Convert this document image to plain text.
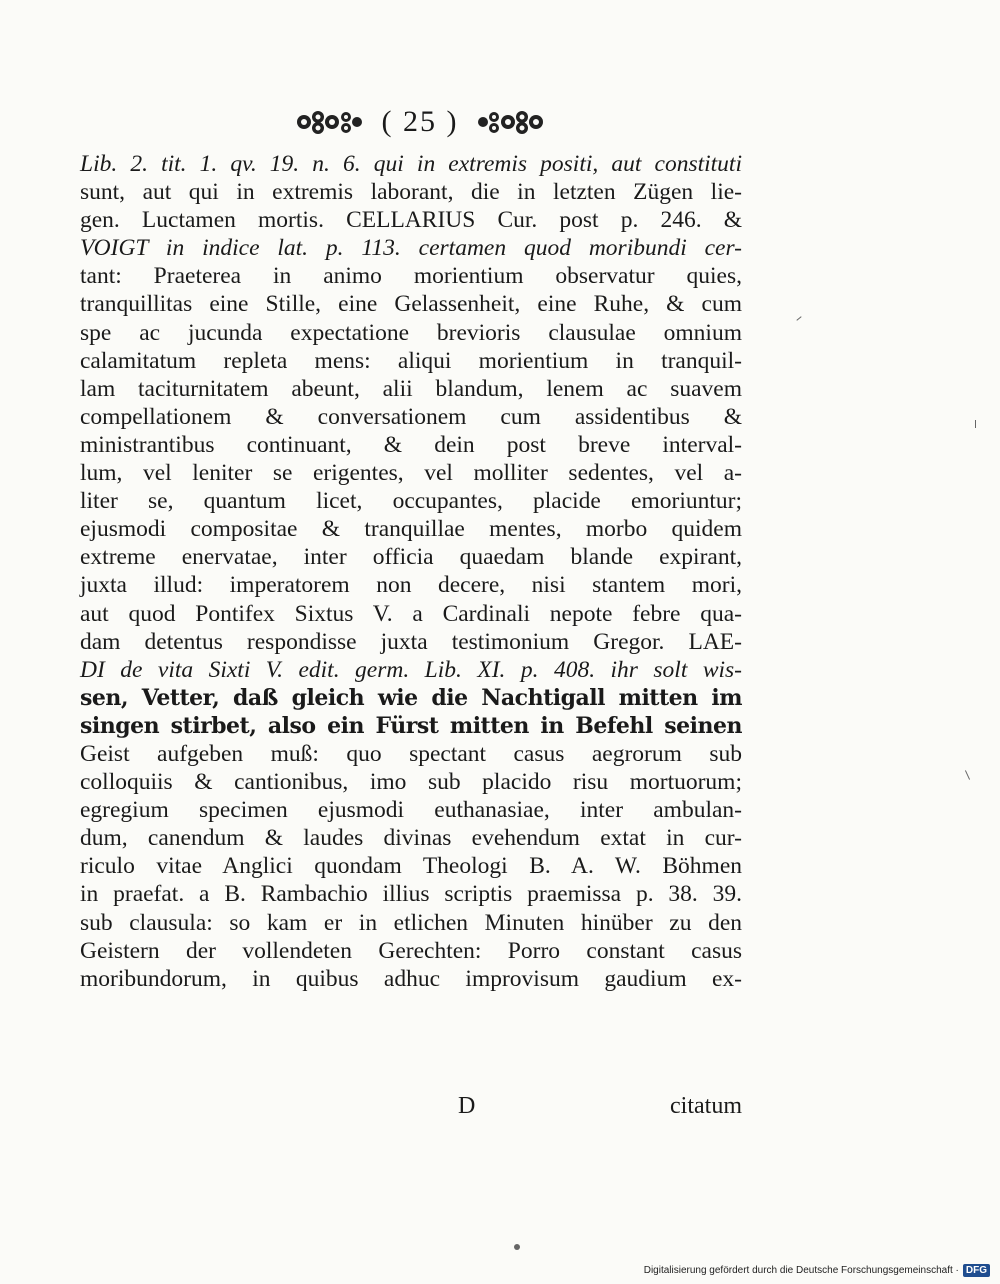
( 25 )
Lib. 2. tit. 1. qv. 19. n. 6. qui in extremis positi, aut constituti
sunt, aut qui in extremis laborant, die in letzten Zügen lie-
gen. Luctamen mortis. CELLARIUS Cur. post p. 246. &
VOIGT in indice lat. p. 113. certamen quod moribundi cer-
tant: Praeterea in animo morientium observatur quies,
tranquillitas eine Stille, eine Gelassenheit, eine Ruhe, & cum
spe ac jucunda expectatione brevioris clausulae omnium
calamitatum repleta mens: aliqui morientium in tranquil-
lam taciturnitatem abeunt, alii blandum, lenem ac suavem
compellationem & conversationem cum assidentibus &
ministrantibus continuant, & dein post breve interval-
lum, vel leniter se erigentes, vel molliter sedentes, vel a-
liter se, quantum licet, occupantes, placide emoriuntur;
ejusmodi compositae & tranquillae mentes, morbo quidem
extreme enervatae, inter officia quaedam blande expirant,
juxta illud: imperatorem non decere, nisi stantem mori,
aut quod Pontifex Sixtus V. a Cardinali nepote febre qua-
dam detentus respondisse juxta testimonium Gregor. LAE-
DI de vita Sixti V. edit. germ. Lib. XI. p. 408. ihr solt wis-
sen, Vetter, daß gleich wie die Nachtigall mitten im
singen stirbet, also ein Fürst mitten in Befehl seinen
Geist aufgeben muß: quo spectant casus aegrorum sub
colloquiis & cantionibus, imo sub placido risu mortuorum;
egregium specimen ejusmodi euthanasiae, inter ambulan-
dum, canendum & laudes divinas evehendum extat in cur-
riculo vitae Anglici quondam Theologi B. A. W. Böhmen
in praefat. a B. Rambachio illius scriptis praemissa p. 38. 39.
sub clausula: so kam er in etlichen Minuten hinüber zu den
Geistern der vollendeten Gerechten: Porro constant casus
moribundorum, in quibus adhuc improvisum gaudium ex-
D	citatum
Digitalisierung gefördert durch die Deutsche Forschungsgemeinschaft · DFG
